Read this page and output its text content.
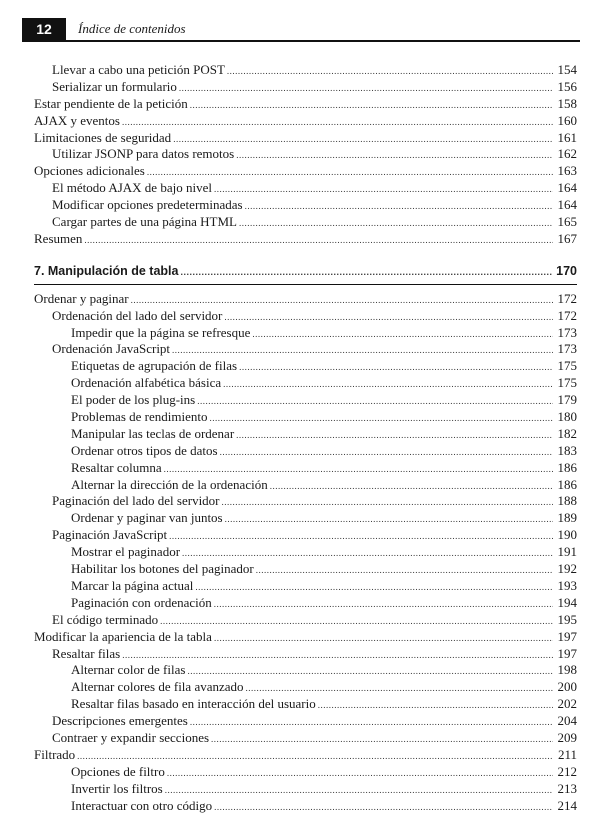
12	Índice de contenidos
Llevar a cabo una petición POST .....	154
Serializar un formulario .....	156
Estar pendiente de la petición .....	158
AJAX y eventos .....	160
Limitaciones de seguridad .....	161
Utilizar JSONP para datos remotos .....	162
Opciones adicionales .....	163
El método AJAX de bajo nivel .....	164
Modificar opciones predeterminadas .....	164
Cargar partes de una página HTML .....	165
Resumen .....	167
7. Manipulación de tabla .....	170
Ordenar y paginar .....	172
Ordenación del lado del servidor .....	172
Impedir que la página se refresque .....	173
Ordenación JavaScript .....	173
Etiquetas de agrupación de filas .....	175
Ordenación alfabética básica .....	175
El poder de los plug-ins .....	179
Problemas de rendimiento .....	180
Manipular las teclas de ordenar .....	182
Ordenar otros tipos de datos .....	183
Resaltar columna .....	186
Alternar la dirección de la ordenación .....	186
Paginación del lado del servidor .....	188
Ordenar y paginar van juntos .....	189
Paginación JavaScript .....	190
Mostrar el paginador .....	191
Habilitar los botones del paginador .....	192
Marcar la página actual .....	193
Paginación con ordenación .....	194
El código terminado .....	195
Modificar la apariencia de la tabla .....	197
Resaltar filas .....	197
Alternar color de filas .....	198
Alternar colores de fila avanzado .....	200
Resaltar filas basado en interacción del usuario .....	202
Descripciones emergentes .....	204
Contraer y expandir secciones .....	209
Filtrado .....	211
Opciones de filtro .....	212
Invertir los filtros .....	213
Interactuar con otro código .....	214
